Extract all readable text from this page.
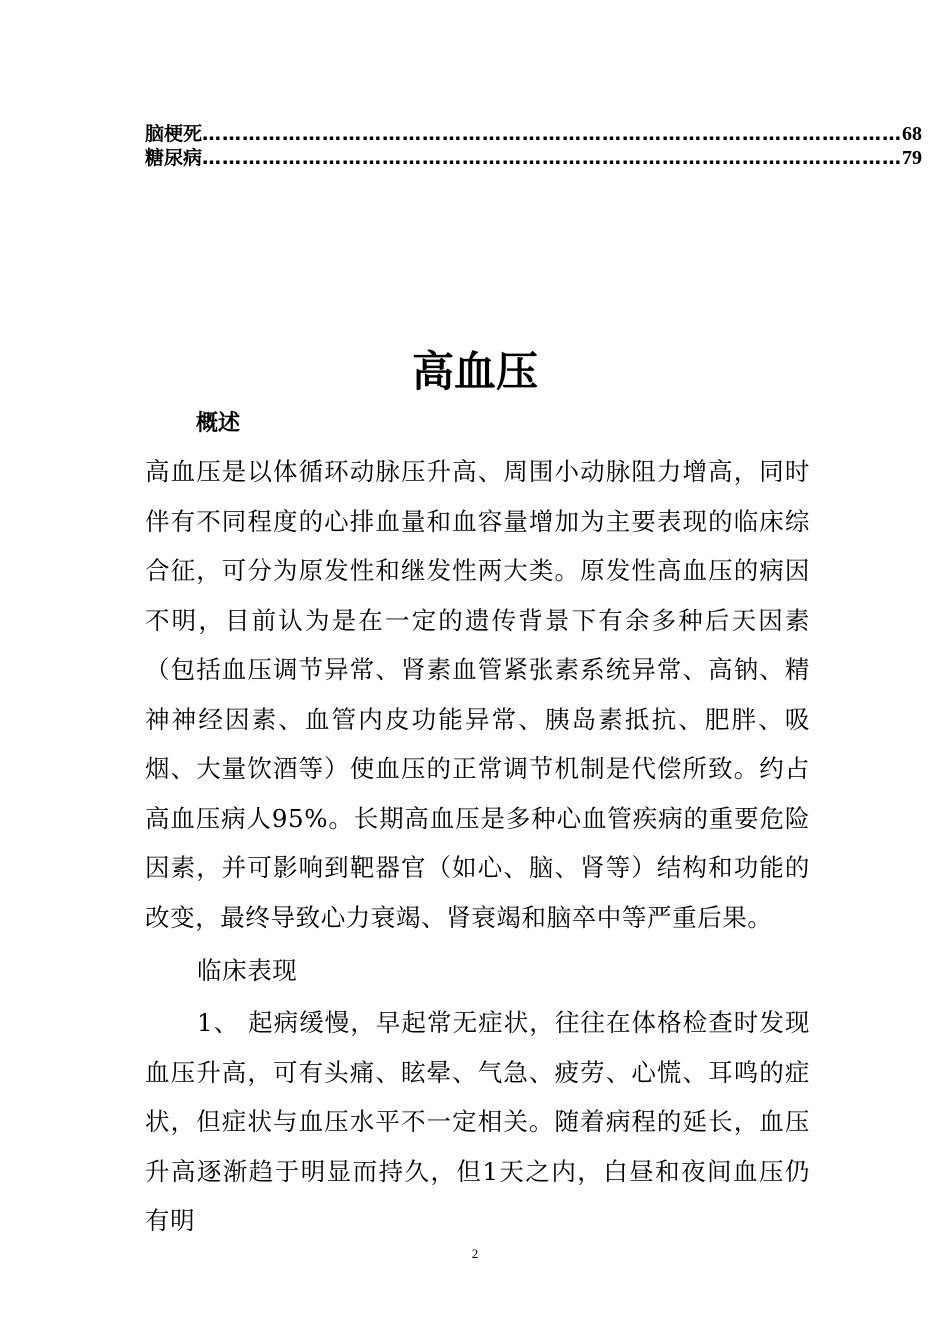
脑梗死 …………………………………………………………………………………………… 68
糖尿病 …………………………………………………………………………………………… 79
高血压
概述
高血压是以体循环动脉压升高、周围小动脉阻力增高，同时伴有不同程度的心排血量和血容量增加为主要表现的临床综合征，可分为原发性和继发性两大类。原发性高血压的病因不明，目前认为是在一定的遗传背景下有余多种后天因素（包括血压调节异常、肾素血管紧张素系统异常、高钠、精神神经因素、血管内皮功能异常、胰岛素抵抗、肥胖、吸烟、大量饮酒等）使血压的正常调节机制是代偿所致。约占高血压病人95%。长期高血压是多种心血管疾病的重要危险因素，并可影响到靶器官（如心、脑、肾等）结构和功能的改变，最终导致心力衰竭、肾衰竭和脑卒中等严重后果。
临床表现
1、 起病缓慢，早起常无症状，往往在体格检查时发现血压升高，可有头痛、眩晕、气急、疲劳、心慌、耳鸣的症状，但症状与血压水平不一定相关。随着病程的延长，血压升高逐渐趋于明显而持久，但1天之内，白昼和夜间血压仍有明
2
